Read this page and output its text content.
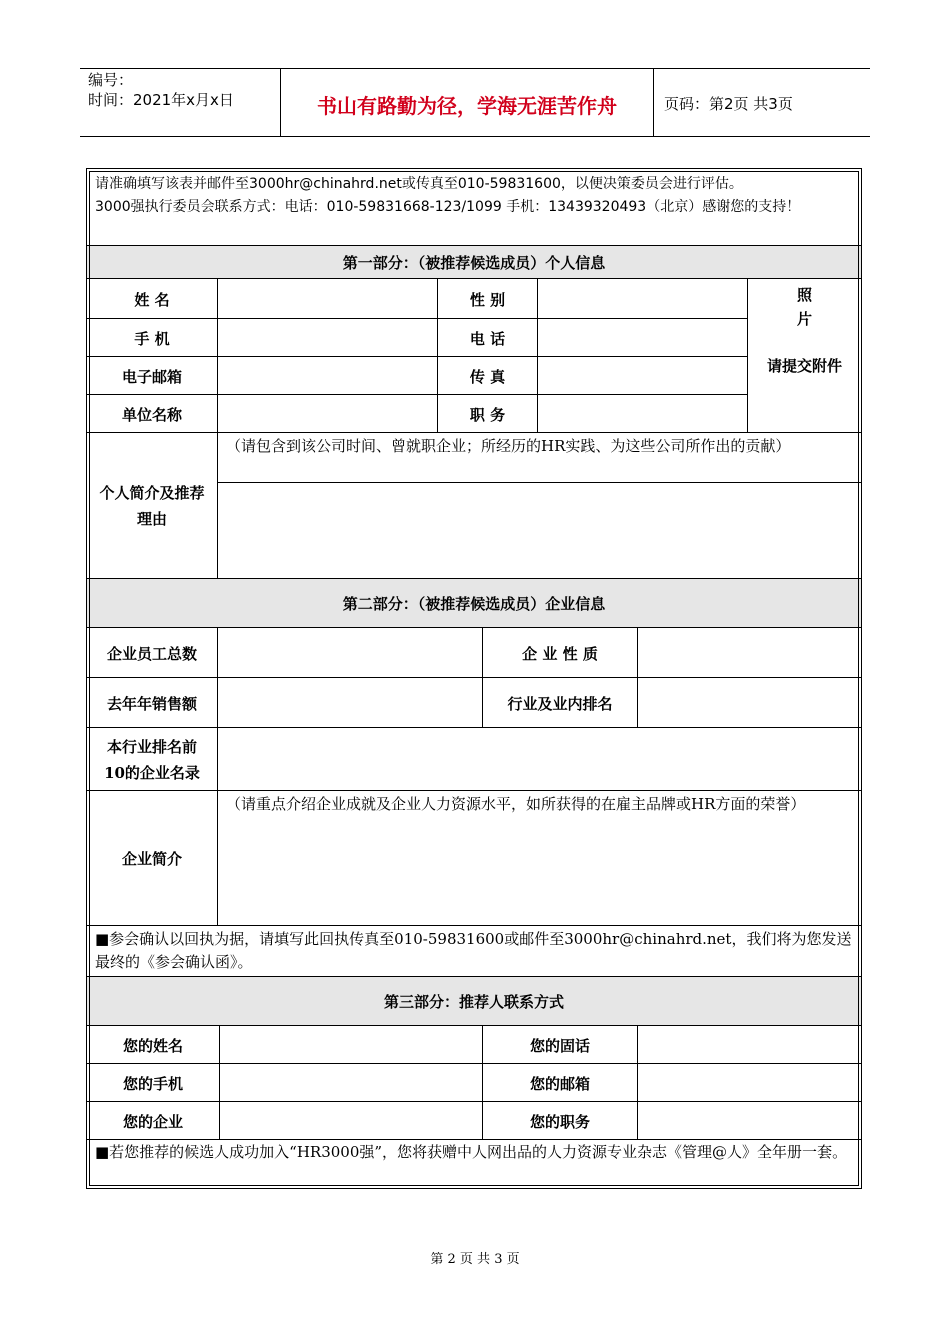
编号：
时间：2021年x月x日	书山有路勤为径，学海无涯苦作舟	页码：第2页 共3页
请准确填写该表并邮件至3000hr@chinahrd.net或传真至010-59831600，以便决策委员会进行评估。
3000强执行委员会联系方式：电话：010-59831668-123/1099 手机：13439320493（北京）感谢您的支持！
第一部分：（被推荐候选成员）个人信息
姓 名	性 别
手 机	电 话
电子邮箱	传 真
单位名称	职 务
照
片
请提交附件
个人简介及推荐理由
（请包含到该公司时间、曾就职企业；所经历的HR实践、为这些公司所作出的贡献）
第二部分：（被推荐候选成员）企业信息
企业员工总数	企 业 性 质
去年年销售额	行业及业内排名
本行业排名前10的企业名录
企业简介
（请重点介绍企业成就及企业人力资源水平，如所获得的在雇主品牌或HR方面的荣誉）
■参会确认以回执为据，请填写此回执传真至010-59831600或邮件至3000hr@chinahrd.net，我们将为您发送最终的《参会确认函》。
第三部分：推荐人联系方式
您的姓名	您的固话
您的手机	您的邮箱
您的企业	您的职务
■若您推荐的候选人成功加入“HR3000强”，您将获赠中人网出品的人力资源专业杂志《管理@人》全年册一套。
第 2 页 共 3 页
